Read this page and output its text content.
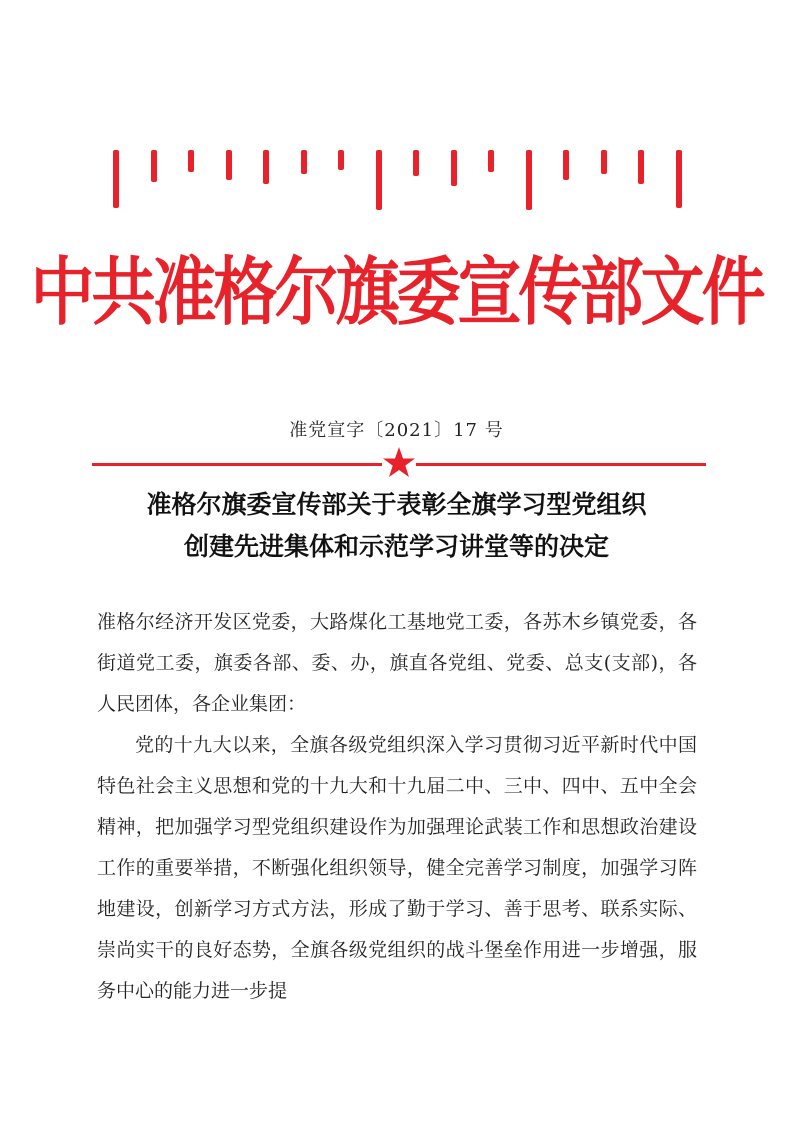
中共准格尔旗委宣传部文件
准党宣字〔2021〕17 号
准格尔旗委宣传部关于表彰全旗学习型党组织
创建先进集体和示范学习讲堂等的决定

准格尔经济开发区党委，大路煤化工基地党工委，各苏木乡镇党委，各街道党工委，旗委各部、委、办，旗直各党组、党委、总支(支部)，各人民团体，各企业集团：

党的十九大以来，全旗各级党组织深入学习贯彻习近平新时代中国特色社会主义思想和党的十九大和十九届二中、三中、四中、五中全会精神，把加强学习型党组织建设作为加强理论武装工作和思想政治建设工作的重要举措，不断强化组织领导，健全完善学习制度，加强学习阵地建设，创新学习方式方法，形成了勤于学习、善于思考、联系实际、崇尚实干的良好态势，全旗各级党组织的战斗堡垒作用进一步增强，服务中心的能力进一步提
